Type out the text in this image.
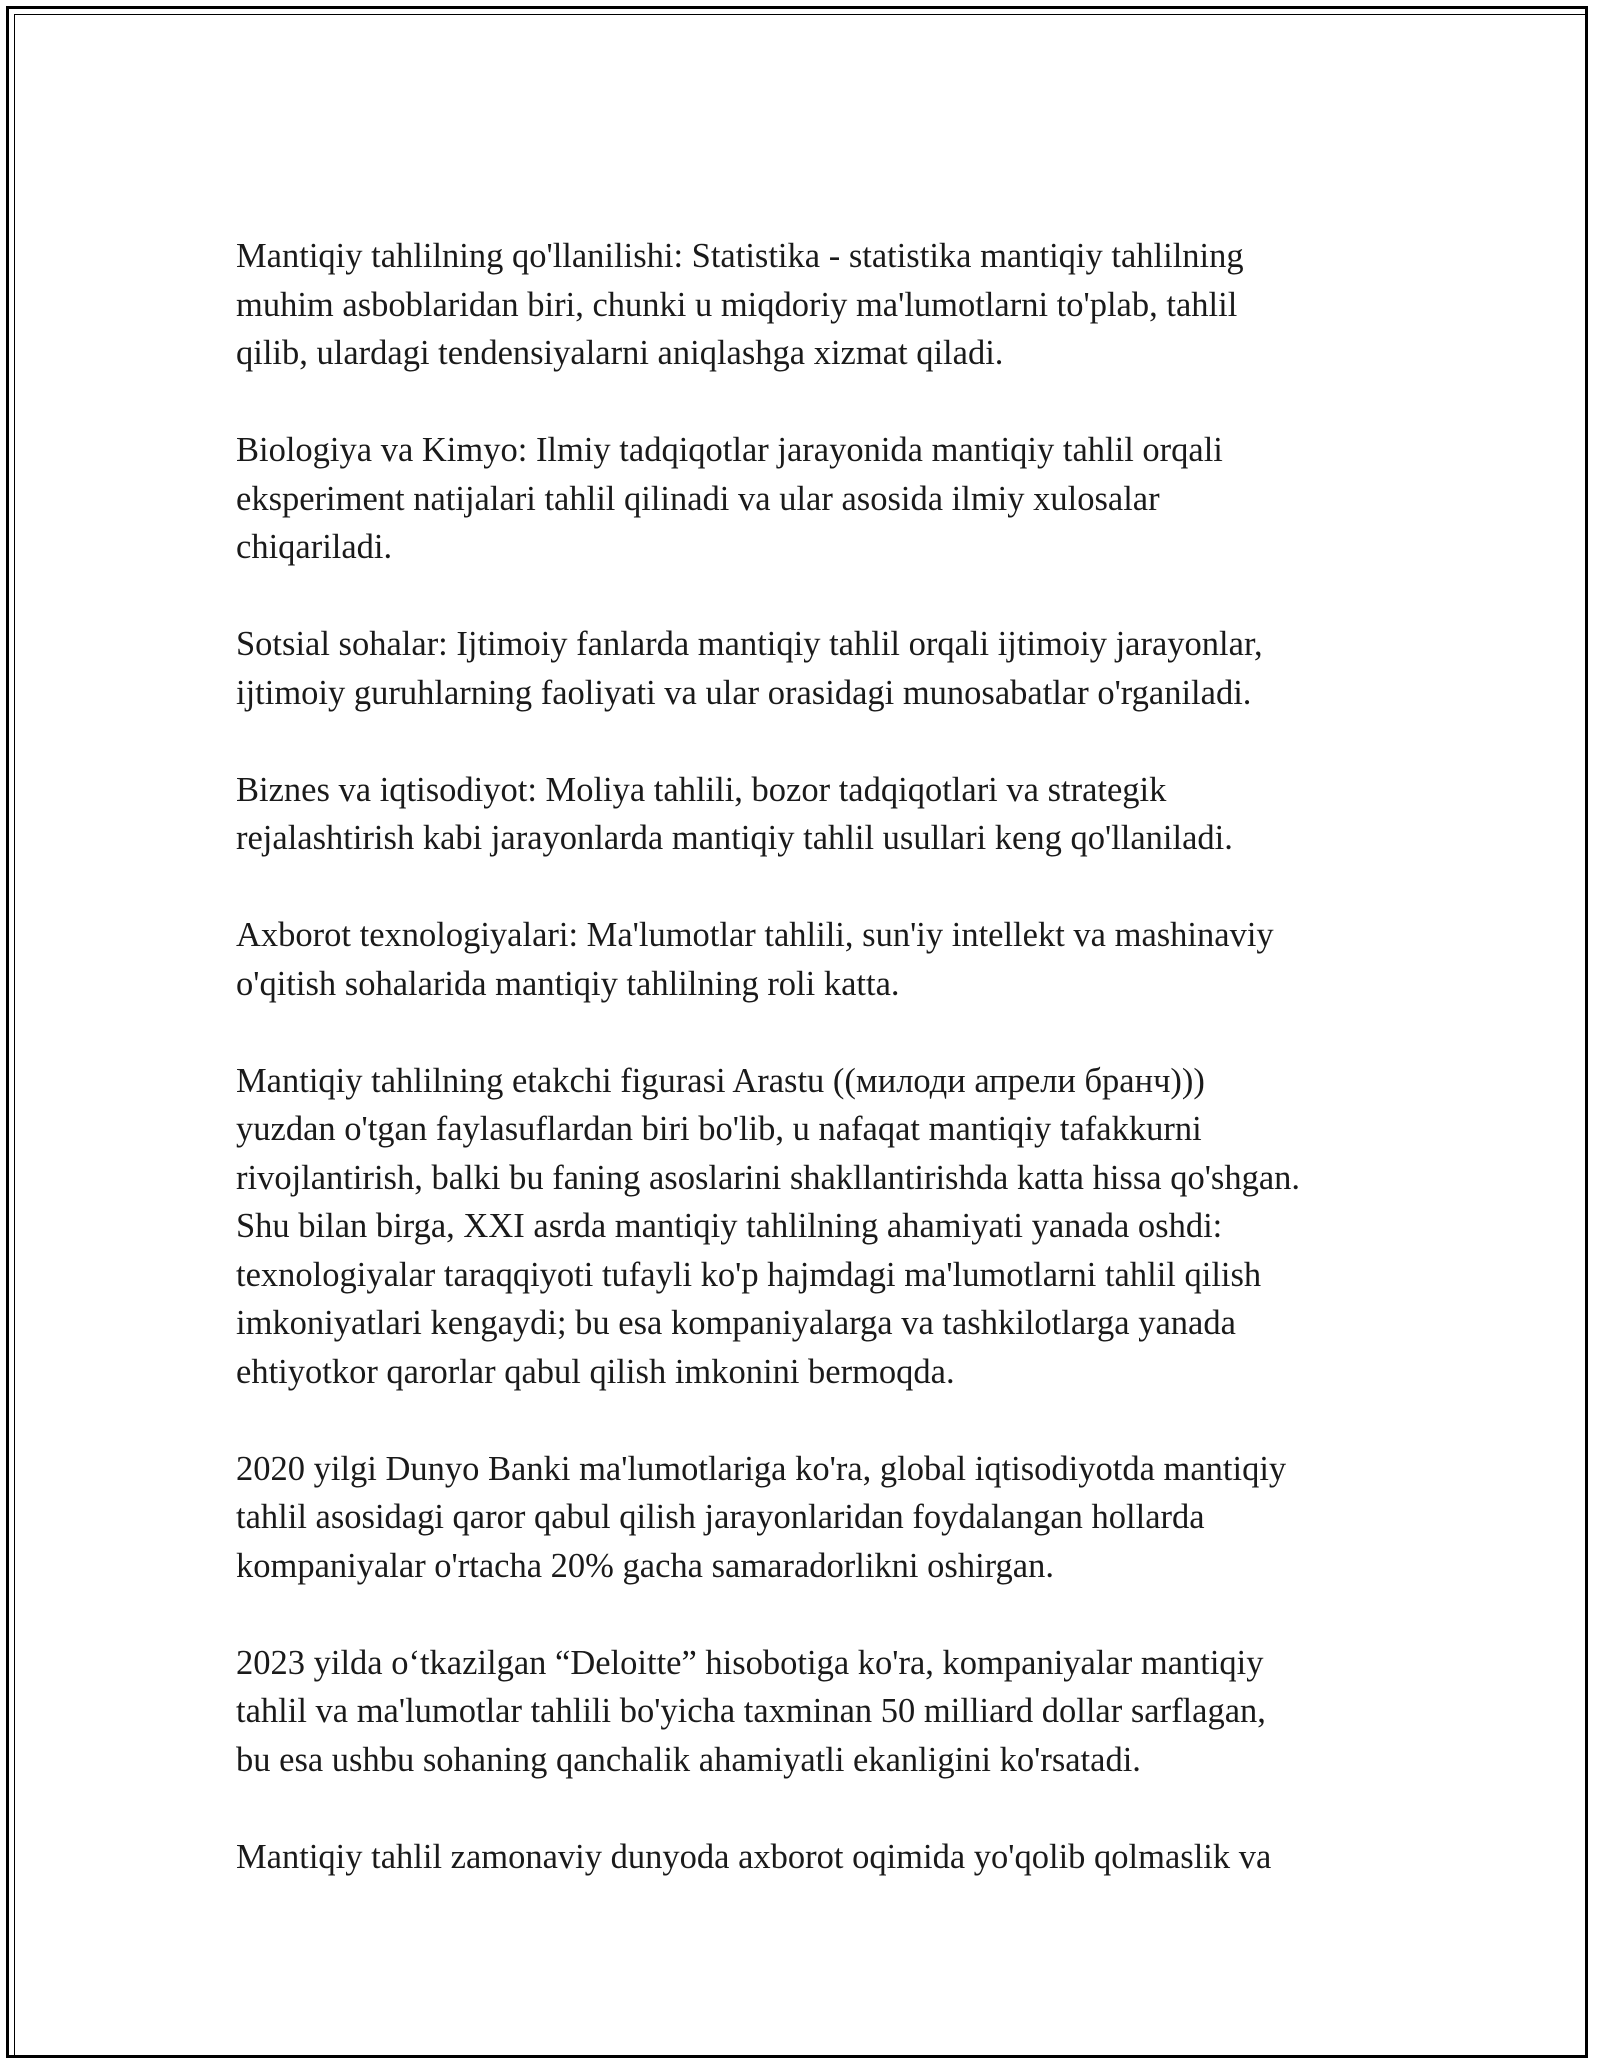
Mantiqiy tahlilning qo'llanilishi: Statistika - statistika mantiqiy tahlilning
muhim asboblaridan biri, chunki u miqdoriy ma'lumotlarni to'plab, tahlil
qilib, ulardagi tendensiyalarni aniqlashga xizmat qiladi.

Biologiya va Kimyo: Ilmiy tadqiqotlar jarayonida mantiqiy tahlil orqali
eksperiment natijalari tahlil qilinadi va ular asosida ilmiy xulosalar
chiqariladi.

Sotsial sohalar: Ijtimoiy fanlarda mantiqiy tahlil orqali ijtimoiy jarayonlar,
ijtimoiy guruhlarning faoliyati va ular orasidagi munosabatlar o'rganiladi.

Biznes va iqtisodiyot: Moliya tahlili, bozor tadqiqotlari va strategik
rejalashtirish kabi jarayonlarda mantiqiy tahlil usullari keng qo'llaniladi.

Axborot texnologiyalari: Ma'lumotlar tahlili, sun'iy intellekt va mashinaviy
o'qitish sohalarida mantiqiy tahlilning roli katta.

Mantiqiy tahlilning etakchi figurasi Arastu ((милоди апрели бранч)))
yuzdan o'tgan faylasuflardan biri bo'lib, u nafaqat mantiqiy tafakkurni
rivojlantirish, balki bu faning asoslarini shakllantirishda katta hissa qo'shgan.
Shu bilan birga, XXI asrda mantiqiy tahlilning ahamiyati yanada oshdi:
texnologiyalar taraqqiyoti tufayli ko'p hajmdagi ma'lumotlarni tahlil qilish
imkoniyatlari kengaydi; bu esa kompaniyalarga va tashkilotlarga yanada
ehtiyotkor qarorlar qabul qilish imkonini bermoqda.

2020 yilgi Dunyo Banki ma'lumotlariga ko'ra, global iqtisodiyotda mantiqiy
tahlil asosidagi qaror qabul qilish jarayonlaridan foydalangan hollarda
kompaniyalar o'rtacha 20% gacha samaradorlikni oshirgan.

2023 yilda o‘tkazilgan “Deloitte” hisobotiga ko'ra, kompaniyalar mantiqiy
tahlil va ma'lumotlar tahlili bo'yicha taxminan 50 milliard dollar sarflagan,
bu esa ushbu sohaning qanchalik ahamiyatli ekanligini ko'rsatadi.

Mantiqiy tahlil zamonaviy dunyoda axborot oqimida yo'qolib qolmaslik va
